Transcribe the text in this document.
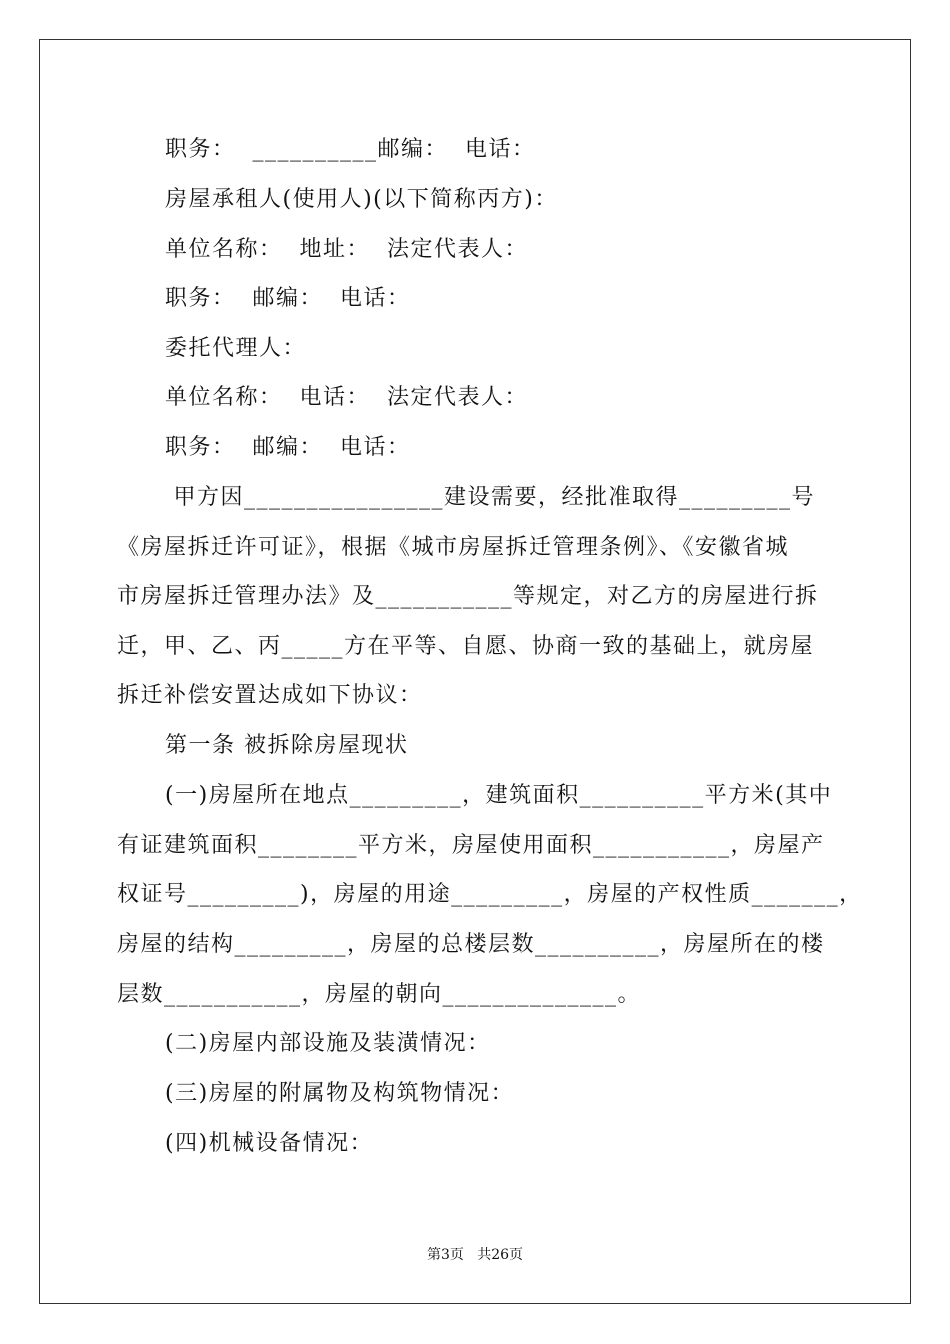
职务：  __________邮编：  电话：
房屋承租人(使用人)(以下简称丙方)：
单位名称：  地址：  法定代表人：
职务：  邮编：  电话：
委托代理人：
单位名称：  电话：  法定代表人：
职务：  邮编：  电话：
甲方因________________建设需要，经批准取得_________号
《房屋拆迁许可证》，根据《城市房屋拆迁管理条例》、《安徽省城
市房屋拆迁管理办法》及___________等规定，对乙方的房屋进行拆
迁，甲、乙、丙_____方在平等、自愿、协商一致的基础上，就房屋
拆迁补偿安置达成如下协议：
第一条 被拆除房屋现状
(一)房屋所在地点_________，建筑面积__________平方米(其中
有证建筑面积________平方米，房屋使用面积___________，房屋产
权证号_________)，房屋的用途_________，房屋的产权性质_______，
房屋的结构_________，房屋的总楼层数__________，房屋所在的楼
层数___________，房屋的朝向______________。
(二)房屋内部设施及装潢情况：
(三)房屋的附属物及构筑物情况：
(四)机械设备情况：
第3页   共26页
